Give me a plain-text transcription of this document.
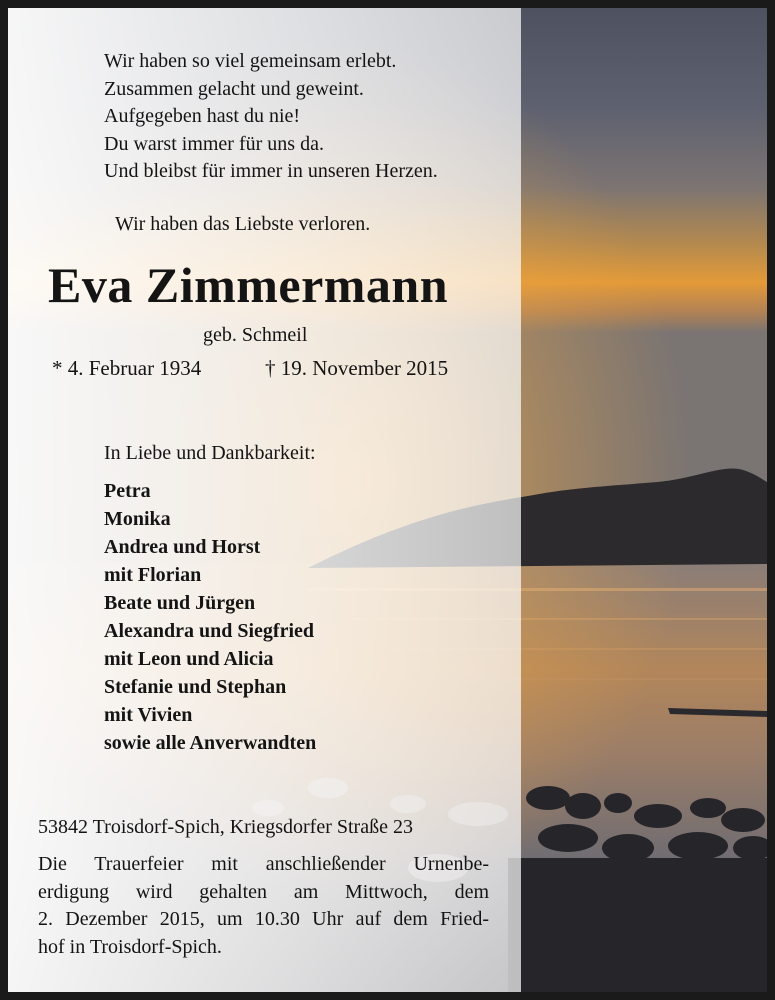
Wir haben so viel gemeinsam erlebt.
Zusammen gelacht und geweint.
Aufgegeben hast du nie!
Du warst immer für uns da.
Und bleibst für immer in unseren Herzen.
Wir haben das Liebste verloren.
Eva Zimmermann
geb. Schmeil
* 4. Februar 1934	† 19. November 2015
In Liebe und Dankbarkeit:
Petra
Monika
Andrea und Horst
mit Florian
Beate und Jürgen
Alexandra und Siegfried
mit Leon und Alicia
Stefanie und Stephan
mit Vivien
sowie alle Anverwandten
53842 Troisdorf-Spich, Kriegsdorfer Straße 23
Die Trauerfeier mit anschließender Urnenbe-
erdigung wird gehalten am Mittwoch, dem
2. Dezember 2015, um 10.30 Uhr auf dem Fried-
hof in Troisdorf-Spich.
